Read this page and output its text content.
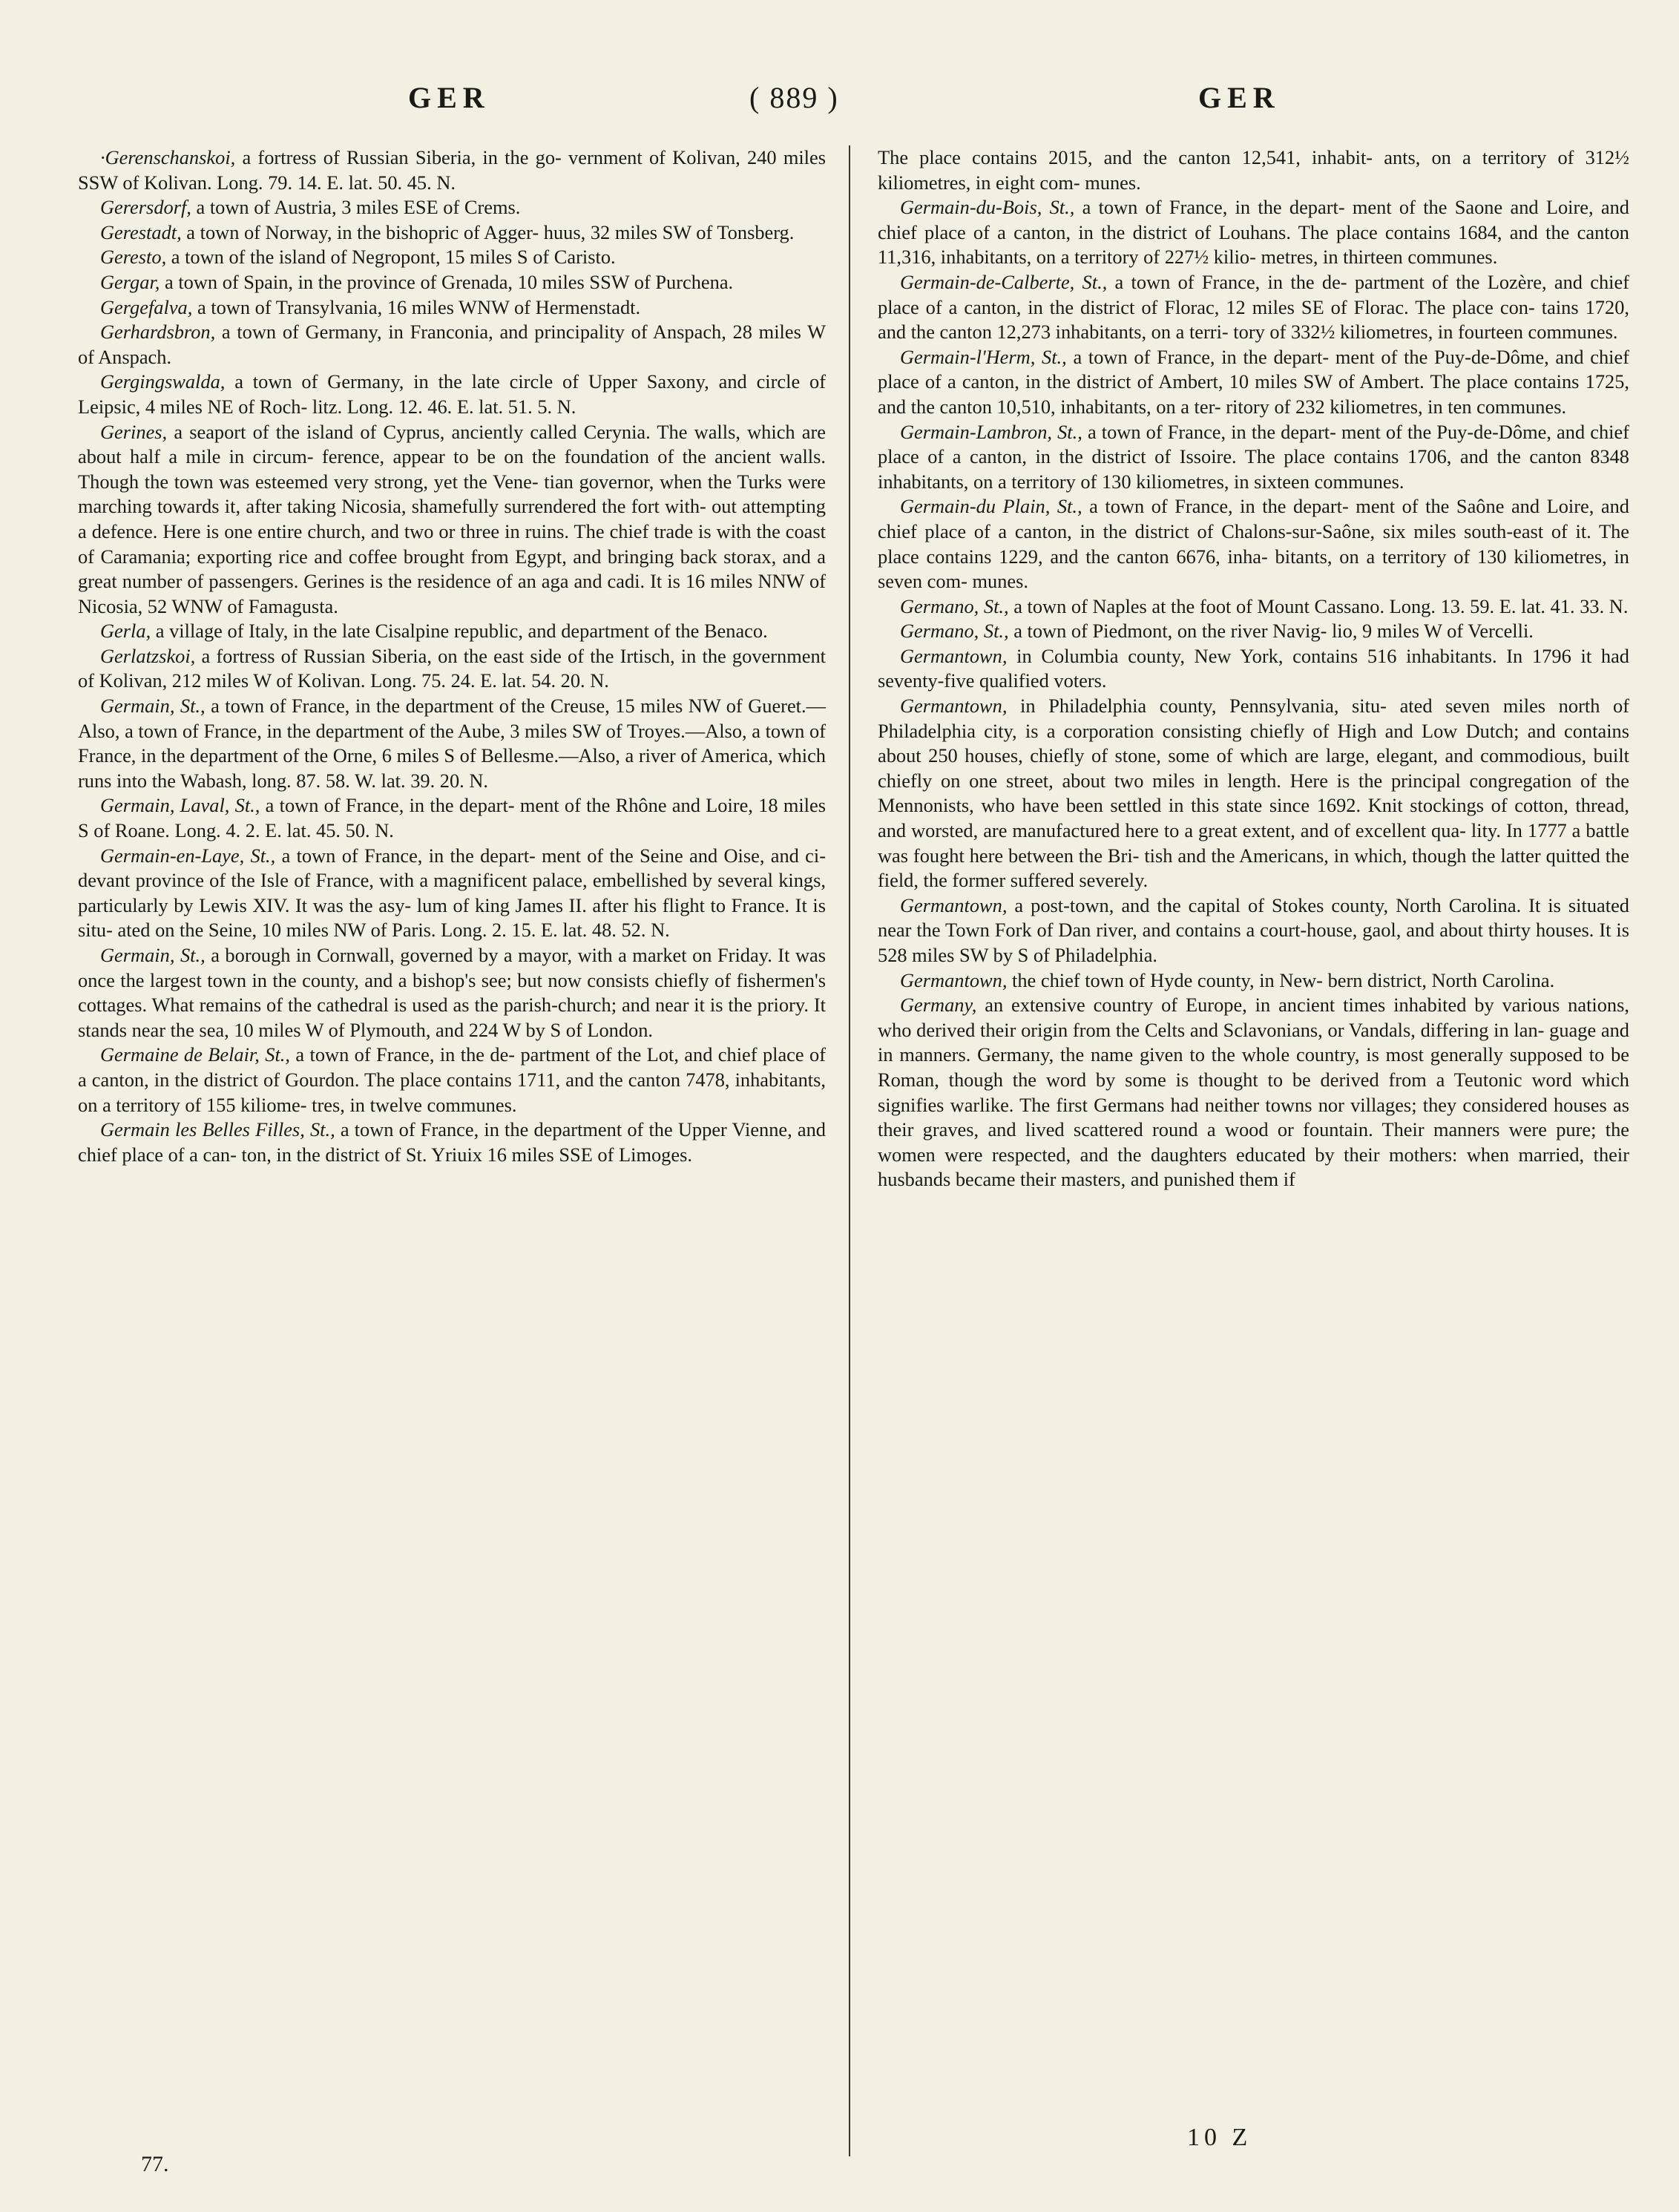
GER	( 889 )	GER

·Gerenschanskoi, a fortress of Russian Siberia, in the go- vernment of Kolivan, 240 miles SSW of Kolivan. Long. 79. 14. E. lat. 50. 45. N.

Gerersdorf, a town of Austria, 3 miles ESE of Crems.

Gerestadt, a town of Norway, in the bishopric of Agger- huus, 32 miles SW of Tonsberg.

Geresto, a town of the island of Negropont, 15 miles S of Caristo.

Gergar, a town of Spain, in the province of Grenada, 10 miles SSW of Purchena.

Gergefalva, a town of Transylvania, 16 miles WNW of Hermenstadt.

Gerhardsbron, a town of Germany, in Franconia, and principality of Anspach, 28 miles W of Anspach.

Gergingswalda, a town of Germany, in the late circle of Upper Saxony, and circle of Leipsic, 4 miles NE of Roch- litz. Long. 12. 46. E. lat. 51. 5. N.

Gerines, a seaport of the island of Cyprus, anciently called Cerynia. The walls, which are about half a mile in circum- ference, appear to be on the foundation of the ancient walls. Though the town was esteemed very strong, yet the Vene- tian governor, when the Turks were marching towards it, after taking Nicosia, shamefully surrendered the fort with- out attempting a defence. Here is one entire church, and two or three in ruins. The chief trade is with the coast of Caramania; exporting rice and coffee brought from Egypt, and bringing back storax, and a great number of passengers. Gerines is the residence of an aga and cadi. It is 16 miles NNW of Nicosia, 52 WNW of Famagusta.

Gerla, a village of Italy, in the late Cisalpine republic, and department of the Benaco.

Gerlatzskoi, a fortress of Russian Siberia, on the east side of the Irtisch, in the government of Kolivan, 212 miles W of Kolivan. Long. 75. 24. E. lat. 54. 20. N.

Germain, St., a town of France, in the department of the Creuse, 15 miles NW of Gueret.—Also, a town of France, in the department of the Aube, 3 miles SW of Troyes.—Also, a town of France, in the department of the Orne, 6 miles S of Bellesme.—Also, a river of America, which runs into the Wabash, long. 87. 58. W. lat. 39. 20. N.

Germain, Laval, St., a town of France, in the depart- ment of the Rhône and Loire, 18 miles S of Roane. Long. 4. 2. E. lat. 45. 50. N.

Germain-en-Laye, St., a town of France, in the depart- ment of the Seine and Oise, and ci-devant province of the Isle of France, with a magnificent palace, embellished by several kings, particularly by Lewis XIV. It was the asy- lum of king James II. after his flight to France. It is situ- ated on the Seine, 10 miles NW of Paris. Long. 2. 15. E. lat. 48. 52. N.

Germain, St., a borough in Cornwall, governed by a mayor, with a market on Friday. It was once the largest town in the county, and a bishop's see; but now consists chiefly of fishermen's cottages. What remains of the cathedral is used as the parish-church; and near it is the priory. It stands near the sea, 10 miles W of Plymouth, and 224 W by S of London.

Germaine de Belair, St., a town of France, in the de- partment of the Lot, and chief place of a canton, in the district of Gourdon. The place contains 1711, and the canton 7478, inhabitants, on a territory of 155 kiliome- tres, in twelve communes.

Germain les Belles Filles, St., a town of France, in the department of the Upper Vienne, and chief place of a can- ton, in the district of St. Yriuix 16 miles SSE of Limoges.

The place contains 2015, and the canton 12,541, inhabit- ants, on a territory of 312½ kiliometres, in eight com- munes.

Germain-du-Bois, St., a town of France, in the depart- ment of the Saone and Loire, and chief place of a canton, in the district of Louhans. The place contains 1684, and the canton 11,316, inhabitants, on a territory of 227½ kilio- metres, in thirteen communes.

Germain-de-Calberte, St., a town of France, in the de- partment of the Lozère, and chief place of a canton, in the district of Florac, 12 miles SE of Florac. The place con- tains 1720, and the canton 12,273 inhabitants, on a terri- tory of 332½ kiliometres, in fourteen communes.

Germain-l'Herm, St., a town of France, in the depart- ment of the Puy-de-Dôme, and chief place of a canton, in the district of Ambert, 10 miles SW of Ambert. The place contains 1725, and the canton 10,510, inhabitants, on a ter- ritory of 232 kiliometres, in ten communes.

Germain-Lambron, St., a town of France, in the depart- ment of the Puy-de-Dôme, and chief place of a canton, in the district of Issoire. The place contains 1706, and the canton 8348 inhabitants, on a territory of 130 kiliometres, in sixteen communes.

Germain-du Plain, St., a town of France, in the depart- ment of the Saône and Loire, and chief place of a canton, in the district of Chalons-sur-Saône, six miles south-east of it. The place contains 1229, and the canton 6676, inha- bitants, on a territory of 130 kiliometres, in seven com- munes.

Germano, St., a town of Naples at the foot of Mount Cassano. Long. 13. 59. E. lat. 41. 33. N.

Germano, St., a town of Piedmont, on the river Navig- lio, 9 miles W of Vercelli.

Germantown, in Columbia county, New York, contains 516 inhabitants. In 1796 it had seventy-five qualified voters.

Germantown, in Philadelphia county, Pennsylvania, situ- ated seven miles north of Philadelphia city, is a corporation consisting chiefly of High and Low Dutch; and contains about 250 houses, chiefly of stone, some of which are large, elegant, and commodious, built chiefly on one street, about two miles in length. Here is the principal congregation of the Mennonists, who have been settled in this state since 1692. Knit stockings of cotton, thread, and worsted, are manufactured here to a great extent, and of excellent qua- lity. In 1777 a battle was fought here between the Bri- tish and the Americans, in which, though the latter quitted the field, the former suffered severely.

Germantown, a post-town, and the capital of Stokes county, North Carolina. It is situated near the Town Fork of Dan river, and contains a court-house, gaol, and about thirty houses. It is 528 miles SW by S of Philadelphia.

Germantown, the chief town of Hyde county, in New- bern district, North Carolina.

Germany, an extensive country of Europe, in ancient times inhabited by various nations, who derived their origin from the Celts and Sclavonians, or Vandals, differing in lan- guage and in manners. Germany, the name given to the whole country, is most generally supposed to be Roman, though the word by some is thought to be derived from a Teutonic word which signifies warlike. The first Germans had neither towns nor villages; they considered houses as their graves, and lived scattered round a wood or fountain. Their manners were pure; the women were respected, and the daughters educated by their mothers: when married, their husbands became their masters, and punished them if

77.
10 Z
